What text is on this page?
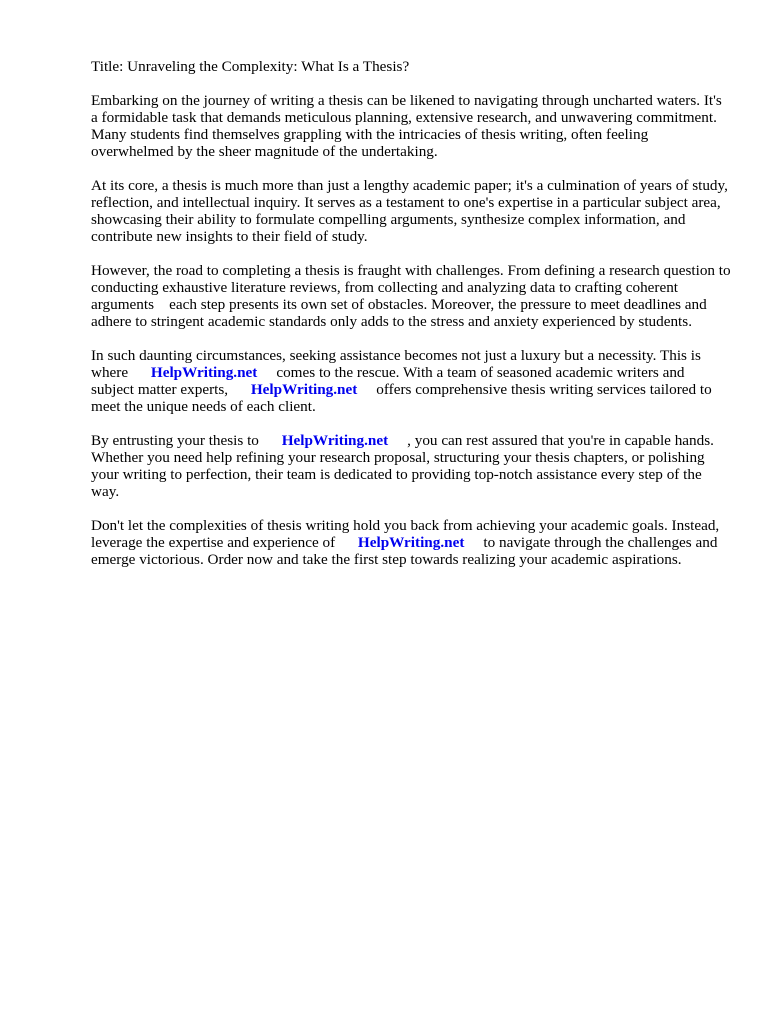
Title: Unraveling the Complexity: What Is a Thesis?

Embarking on the journey of writing a thesis can be likened to navigating through uncharted waters. It's a formidable task that demands meticulous planning, extensive research, and unwavering commitment. Many students find themselves grappling with the intricacies of thesis writing, often feeling overwhelmed by the sheer magnitude of the undertaking.

At its core, a thesis is much more than just a lengthy academic paper; it's a culmination of years of study, reflection, and intellectual inquiry. It serves as a testament to one's expertise in a particular subject area, showcasing their ability to formulate compelling arguments, synthesize complex information, and contribute new insights to their field of study.

However, the road to completing a thesis is fraught with challenges. From defining a research question to conducting exhaustive literature reviews, from collecting and analyzing data to crafting coherent arguments    each step presents its own set of obstacles. Moreover, the pressure to meet deadlines and adhere to stringent academic standards only adds to the stress and anxiety experienced by students.

In such daunting circumstances, seeking assistance becomes not just a luxury but a necessity. This is where      HelpWriting.net     comes to the rescue. With a team of seasoned academic writers and subject matter experts,      HelpWriting.net     offers comprehensive thesis writing services tailored to meet the unique needs of each client.

By entrusting your thesis to      HelpWriting.net     , you can rest assured that you're in capable hands. Whether you need help refining your research proposal, structuring your thesis chapters, or polishing your writing to perfection, their team is dedicated to providing top-notch assistance every step of the way.

Don't let the complexities of thesis writing hold you back from achieving your academic goals. Instead, leverage the expertise and experience of      HelpWriting.net     to navigate through the challenges and emerge victorious. Order now and take the first step towards realizing your academic aspirations.
